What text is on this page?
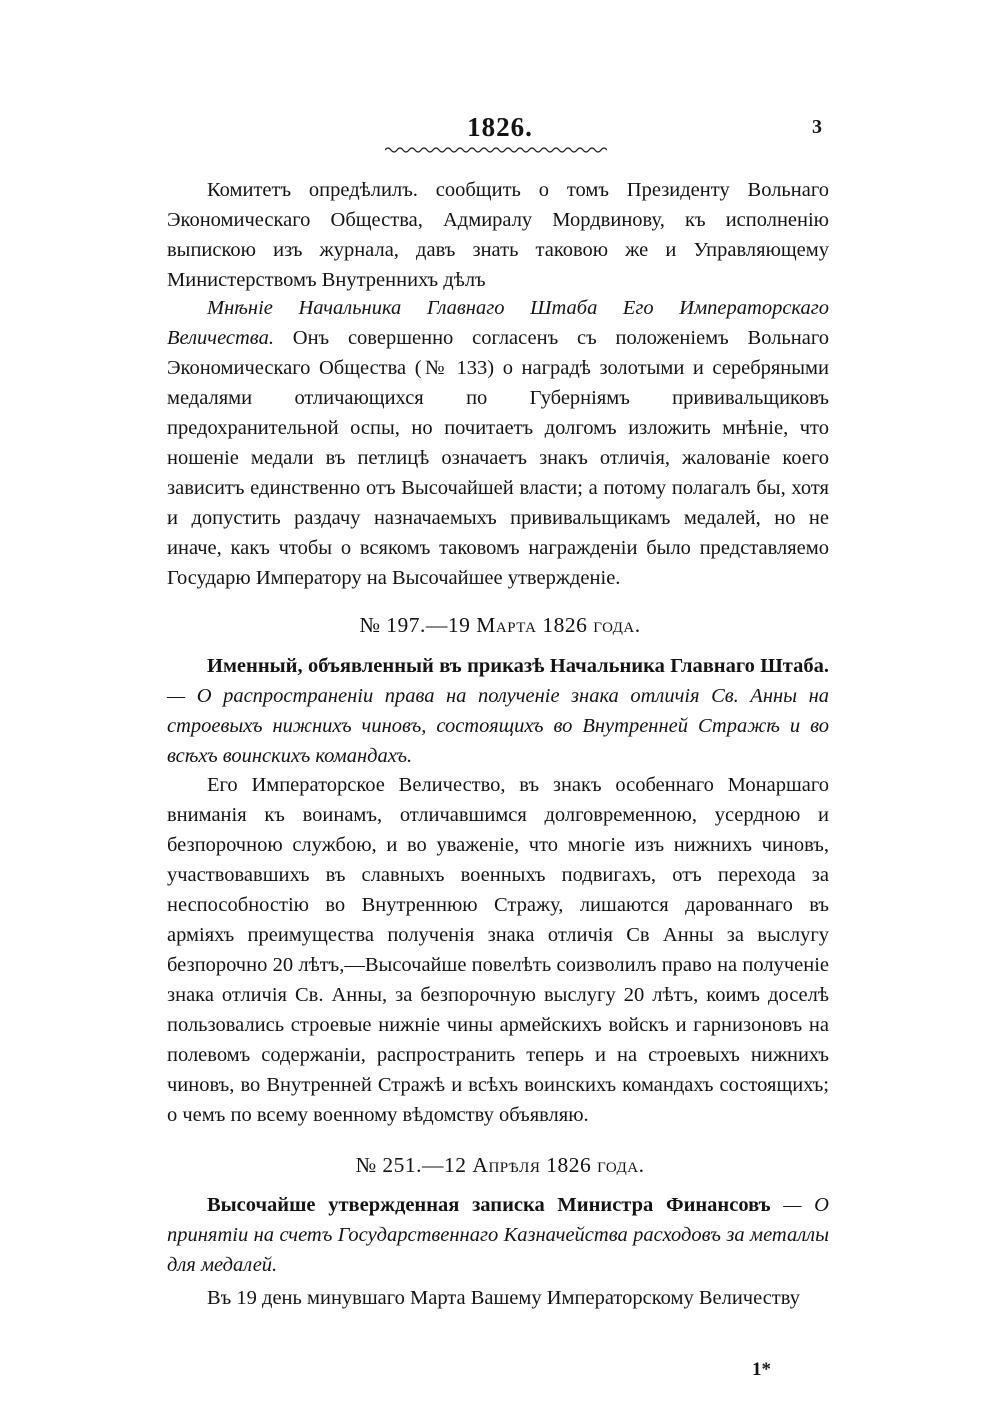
1826.	3
Комитетъ опредѣлилъ. сообщить о томъ Президенту Вольнаго Экономическаго Общества, Адмиралу Мордвинову, къ исполненію выпискою изъ журнала, давъ знать таковою же и Управляющему Министерствомъ Внутреннихъ дѣлъ
Мнѣніе Начальника Главнаго Штаба Его Императорскаго Величества. Онъ совершенно согласенъ съ положеніемъ Вольнаго Экономическаго Общества (№ 133) о наградѣ золотыми и серебряными медалями отличающихся по Губерніямъ прививальщиковъ предохранительной оспы, но почитаетъ долгомъ изложить мнѣніе, что ношеніе медали въ петлицѣ означаетъ знакъ отличія, жалованіе коего зависитъ единственно отъ Высочайшей власти; а потому полагалъ бы, хотя и допустить раздачу назначаемыхъ прививальщикамъ медалей, но не иначе, какъ чтобы о всякомъ таковомъ награжденіи было представляемо Государю Императору на Высочайшее утвержденіе.
№ 197.—19 Марта 1826 года.
Именный, объявленный въ приказѣ Начальника Главнаго Штаба.— О распространенiи права на полученіе знака отличія Св. Анны на строевыхъ нижнихъ чиновъ, состоящихъ во Внутренней Стражѣ и во всѣхъ воинскихъ командахъ.
Его Императорское Величество, въ знакъ особеннаго Монаршаго вниманія къ воинамъ, отличавшимся долговременною, усердною и безпорочною службою, и во уваженіе, что многіе изъ нижнихъ чиновъ, участвовавшихъ въ славныхъ военныхъ подвигахъ, отъ перехода за неспособностію во Внутреннюю Стражу, лишаются дарованнаго въ арміяхъ преимущества полученія знака отличія Св Анны за выслугу безпорочно 20 лѣтъ,—Высочайше повелѣть соизволилъ право на полученіе знака отличія Св. Анны, за безпорочную выслугу 20 лѣтъ, коимъ доселѣ пользовались строевые нижніе чины армейскихъ войскъ и гарнизоновъ на полевомъ содержаніи, распространить теперь и на строевыхъ нижнихъ чиновъ, во Внутренней Стражѣ и всѣхъ воинскихъ командахъ состоящихъ; о чемъ по всему военному вѣдомству объявляю.
№ 251.—12 Апрѣля 1826 года.
Высочайше утвержденная записка Министра Финансовъ — О принятіи на счетъ Государственнаго Казначейства расходовъ за металлы для медалей.
Въ 19 день минувшаго Марта Вашему Императорскому Величеству
1*
